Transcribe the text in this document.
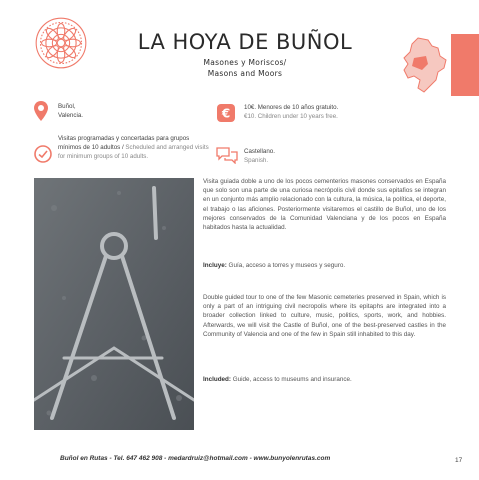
LA HOYA DE BUÑOL
Masones y Moriscos/
Masons and Moors
Buñol,
Valencia.	€ 10€. Menores de 10 años gratuito.
€10. Children under 10 years free.
Visitas programadas y concertadas para grupos mínimos de 10 adultos / Scheduled and arranged visits for minimum groups of 10 adults.
Castellano.
Spanish.
Visita guiada doble a uno de los pocos cementerios masones conservados en España que solo son una parte de una curiosa necrópolis civil donde sus epitafios se integran en un conjunto más amplio relacionado con la cultura, la música, la política, el deporte, el trabajo o las aficiones. Posteriormente visitaremos el castillo de Buñol, uno de los mejores conservados de la Comunidad Valenciana y de los pocos en España habitados hasta la actualidad.
Incluye: Guía, acceso a torres y museos y seguro.
Double guided tour to one of the few Masonic cemeteries preserved in Spain, which is only a part of an intriguing civil necropolis where its epitaphs are integrated into a broader collection linked to culture, music, politics, sports, work, and hobbies. Afterwards, we will visit the Castle of Buñol, one of the best-preserved castles in the Community of Valencia and one of the few in Spain still inhabited to this day.
Included: Guide, access to museums and insurance.
Buñol en Rutas - Tel. 647 462 908 - medardruiz@hotmail.com - www.bunyolenrutas.com	17
